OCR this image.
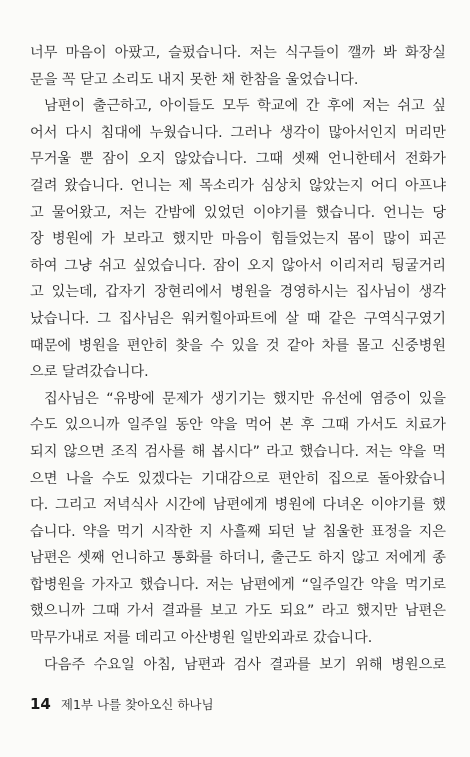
너무 마음이 아팠고, 슬펐습니다. 저는 식구들이 깰까 봐 화장실
문을 꼭 닫고 소리도 내지 못한 채 한참을 울었습니다.
남편이 출근하고, 아이들도 모두 학교에 간 후에 저는 쉬고 싶
어서 다시 침대에 누웠습니다. 그러나 생각이 많아서인지 머리만
무거울 뿐 잠이 오지 않았습니다. 그때 셋째 언니한테서 전화가
걸려 왔습니다. 언니는 제 목소리가 심상치 않았는지 어디 아프냐
고 물어왔고, 저는 간밤에 있었던 이야기를 했습니다. 언니는 당
장 병원에 가 보라고 했지만 마음이 힘들었는지 몸이 많이 피곤
하여 그냥 쉬고 싶었습니다. 잠이 오지 않아서 이리저리 뒹굴거리
고 있는데, 갑자기 장현리에서 병원을 경영하시는 집사님이 생각
났습니다. 그 집사님은 워커힐아파트에 살 때 같은 구역식구였기
때문에 병원을 편안히 찾을 수 있을 것 같아 차를 몰고 신중병원
으로 달려갔습니다.
집사님은 “유방에 문제가 생기기는 했지만 유선에 염증이 있을
수도 있으니까 일주일 동안 약을 먹어 본 후 그때 가서도 치료가
되지 않으면 조직 검사를 해 봅시다” 라고 했습니다. 저는 약을 먹
으면 나을 수도 있겠다는 기대감으로 편안히 집으로 돌아왔습니
다. 그리고 저녁식사 시간에 남편에게 병원에 다녀온 이야기를 했
습니다. 약을 먹기 시작한 지 사흘째 되던 날 침울한 표정을 지은
남편은 셋째 언니하고 통화를 하더니, 출근도 하지 않고 저에게 종
합병원을 가자고 했습니다. 저는 남편에게 “일주일간 약을 먹기로
했으니까 그때 가서 결과를 보고 가도 되요” 라고 했지만 남편은
막무가내로 저를 데리고 아산병원 일반외과로 갔습니다.
다음주 수요일 아침, 남편과 검사 결과를 보기 위해 병원으로
14 제1부 나를 찾아오신 하나님
